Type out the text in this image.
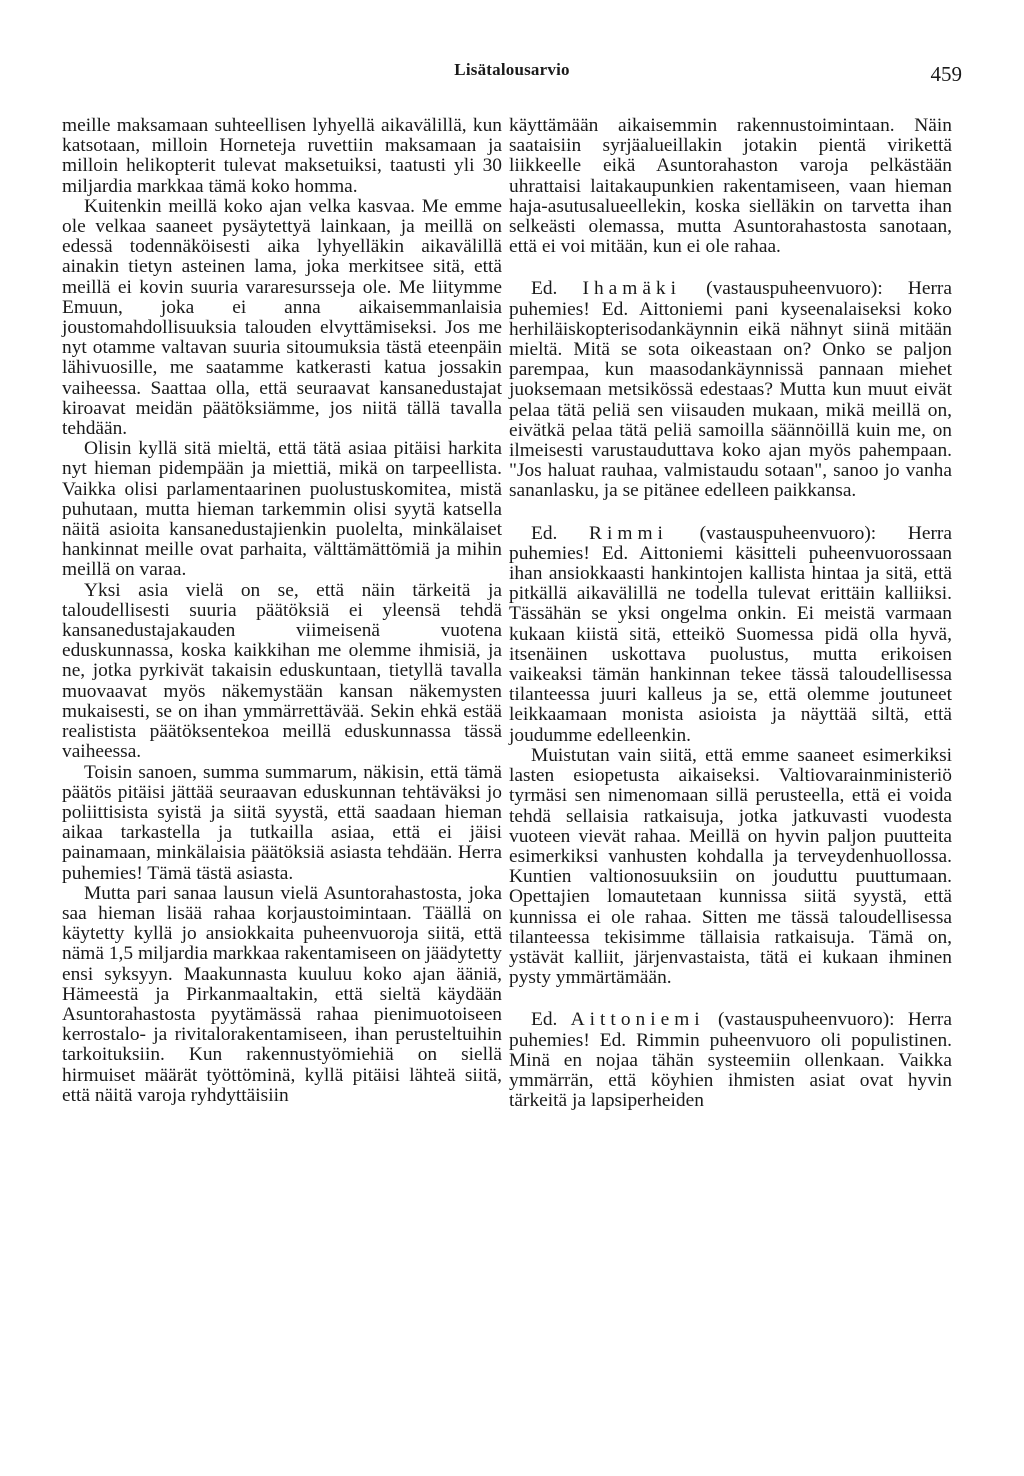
Lisätalousarvio	459

meille maksamaan suhteellisen lyhyellä aikavälillä, kun katsotaan, milloin Horneteja ruvettiin maksamaan ja milloin helikopterit tulevat maksetuiksi, taatusti yli 30 miljardia markkaa tämä koko homma.

Kuitenkin meillä koko ajan velka kasvaa. Me emme ole velkaa saaneet pysäytettyä lainkaan, ja meillä on edessä todennäköisesti aika lyhyelläkin aikavälillä ainakin tietyn asteinen lama, joka merkitsee sitä, että meillä ei kovin suuria vararesursseja ole. Me liitymme Emuun, joka ei anna aikaisemmanlaisia joustomahdollisuuksia talouden elvyttämiseksi. Jos me nyt otamme valtavan suuria sitoumuksia tästä eteenpäin lähivuosille, me saatamme katkerasti katua jossakin vaiheessa. Saattaa olla, että seuraavat kansanedustajat kiroavat meidän päätöksiämme, jos niitä tällä tavalla tehdään.

Olisin kyllä sitä mieltä, että tätä asiaa pitäisi harkita nyt hieman pidempään ja miettiä, mikä on tarpeellista. Vaikka olisi parlamentaarinen puolustuskomitea, mistä puhutaan, mutta hieman tarkemmin olisi syytä katsella näitä asioita kansanedustajienkin puolelta, minkälaiset hankinnat meille ovat parhaita, välttämättömiä ja mihin meillä on varaa.

Yksi asia vielä on se, että näin tärkeitä ja taloudellisesti suuria päätöksiä ei yleensä tehdä kansanedustajakauden viimeisenä vuotena eduskunnassa, koska kaikkihan me olemme ihmisiä, ja ne, jotka pyrkivät takaisin eduskuntaan, tietyllä tavalla muovaavat myös näkemystään kansan näkemysten mukaisesti, se on ihan ymmärrettävää. Sekin ehkä estää realistista päätöksentekoa meillä eduskunnassa tässä vaiheessa.

Toisin sanoen, summa summarum, näkisin, että tämä päätös pitäisi jättää seuraavan eduskunnan tehtäväksi jo poliittisista syistä ja siitä syystä, että saadaan hieman aikaa tarkastella ja tutkailla asiaa, että ei jäisi painamaan, minkälaisia päätöksiä asiasta tehdään. Herra puhemies! Tämä tästä asiasta.

Mutta pari sanaa lausun vielä Asuntorahastosta, joka saa hieman lisää rahaa korjaustoimintaan. Täällä on käytetty kyllä jo ansiokkaita puheenvuoroja siitä, että nämä 1,5 miljardia markkaa rakentamiseen on jäädytetty ensi syksyyn. Maakunnasta kuuluu koko ajan ääniä, Hämeestä ja Pirkanmaaltakin, että sieltä käydään Asuntorahastosta pyytämässä rahaa pienimuotoiseen kerrostalo- ja rivitalorakentamiseen, ihan perusteltuihin tarkoituksiin. Kun rakennustyömiehiä on siellä hirmuiset määrät työttöminä, kyllä pitäisi lähteä siitä, että näitä varoja ryhdyttäisiin

käyttämään aikaisemmin rakennustoimintaan. Näin saataisiin syrjäalueillakin jotakin pientä virikettä liikkeelle eikä Asuntorahaston varoja pelkästään uhrattaisi laitakaupunkien rakentamiseen, vaan hieman haja-asutusalueellekin, koska sielläkin on tarvetta ihan selkeästi olemassa, mutta Asuntorahastosta sanotaan, että ei voi mitään, kun ei ole rahaa.

Ed. Ihamäki (vastauspuheenvuoro): Herra puhemies! Ed. Aittoniemi pani kyseenalaiseksi koko herhiläiskopterisodankäynnin eikä nähnyt siinä mitään mieltä. Mitä se sota oikeastaan on? Onko se paljon parempaa, kun maasodankäynnissä pannaan miehet juoksemaan metsikössä edestaas? Mutta kun muut eivät pelaa tätä peliä sen viisauden mukaan, mikä meillä on, eivätkä pelaa tätä peliä samoilla säännöillä kuin me, on ilmeisesti varustauduttava koko ajan myös pahempaan. "Jos haluat rauhaa, valmistaudu sotaan", sanoo jo vanha sananlasku, ja se pitänee edelleen paikkansa.

Ed. Rimmi (vastauspuheenvuoro): Herra puhemies! Ed. Aittoniemi käsitteli puheenvuorossaan ihan ansiokkaasti hankintojen kallista hintaa ja sitä, että pitkällä aikavälillä ne todella tulevat erittäin kalliiksi. Tässähän se yksi ongelma onkin. Ei meistä varmaan kukaan kiistä sitä, etteikö Suomessa pidä olla hyvä, itsenäinen uskottava puolustus, mutta erikoisen vaikeaksi tämän hankinnan tekee tässä taloudellisessa tilanteessa juuri kalleus ja se, että olemme joutuneet leikkaamaan monista asioista ja näyttää siltä, että joudumme edelleenkin.

Muistutan vain siitä, että emme saaneet esimerkiksi lasten esiopetusta aikaiseksi. Valtiovarainministeriö tyrmäsi sen nimenomaan sillä perusteella, että ei voida tehdä sellaisia ratkaisuja, jotka jatkuvasti vuodesta vuoteen vievät rahaa. Meillä on hyvin paljon puutteita esimerkiksi vanhusten kohdalla ja terveydenhuollossa. Kuntien valtionosuuksiin on jouduttu puuttumaan. Opettajien lomautetaan kunnissa siitä syystä, että kunnissa ei ole rahaa. Sitten me tässä taloudellisessa tilanteessa tekisimme tällaisia ratkaisuja. Tämä on, ystävät kalliit, järjenvastaista, tätä ei kukaan ihminen pysty ymmärtämään.

Ed. Aittoniemi (vastauspuheenvuoro): Herra puhemies! Ed. Rimmin puheenvuoro oli populistinen. Minä en nojaa tähän systeemiin ollenkaan. Vaikka ymmärrän, että köyhien ihmisten asiat ovat hyvin tärkeitä ja lapsiperheiden
